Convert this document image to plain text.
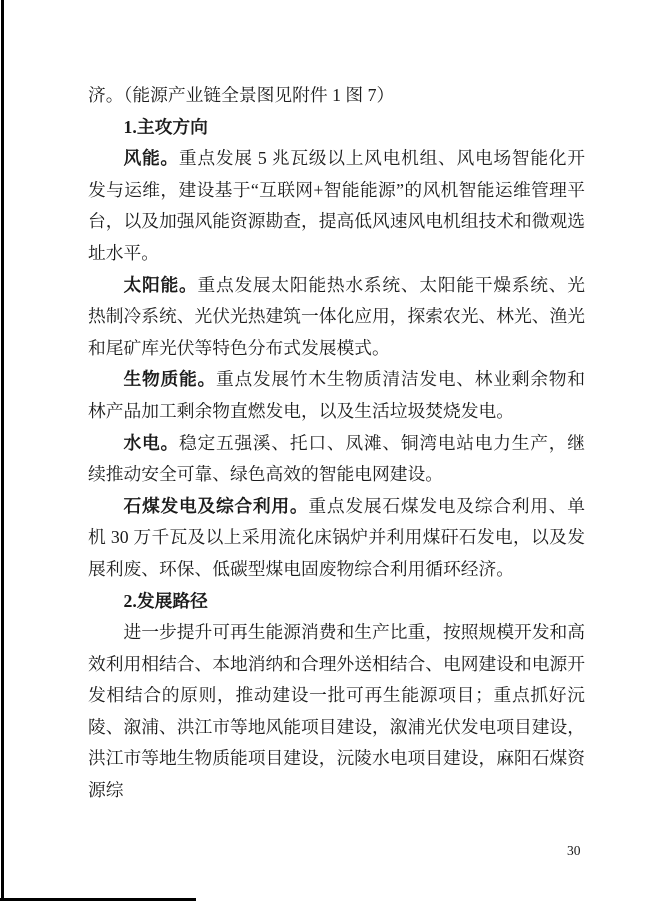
济。（能源产业链全景图见附件 1 图 7）

1.主攻方向

风能。重点发展 5 兆瓦级以上风电机组、风电场智能化开发与运维，建设基于“互联网+智能能源”的风机智能运维管理平台，以及加强风能资源勘查，提高低风速风电机组技术和微观选址水平。

太阳能。重点发展太阳能热水系统、太阳能干燥系统、光热制冷系统、光伏光热建筑一体化应用，探索农光、林光、渔光和尾矿库光伏等特色分布式发展模式。

生物质能。重点发展竹木生物质清洁发电、林业剩余物和林产品加工剩余物直燃发电，以及生活垃圾焚烧发电。

水电。稳定五强溪、托口、凤滩、铜湾电站电力生产，继续推动安全可靠、绿色高效的智能电网建设。

石煤发电及综合利用。重点发展石煤发电及综合利用、单机 30 万千瓦及以上采用流化床锅炉并利用煤矸石发电，以及发展利废、环保、低碳型煤电固废物综合利用循环经济。

2.发展路径

进一步提升可再生能源消费和生产比重，按照规模开发和高效利用相结合、本地消纳和合理外送相结合、电网建设和电源开发相结合的原则，推动建设一批可再生能源项目；重点抓好沅陵、溆浦、洪江市等地风能项目建设，溆浦光伏发电项目建设，洪江市等地生物质能项目建设，沅陵水电项目建设，麻阳石煤资源综

30
